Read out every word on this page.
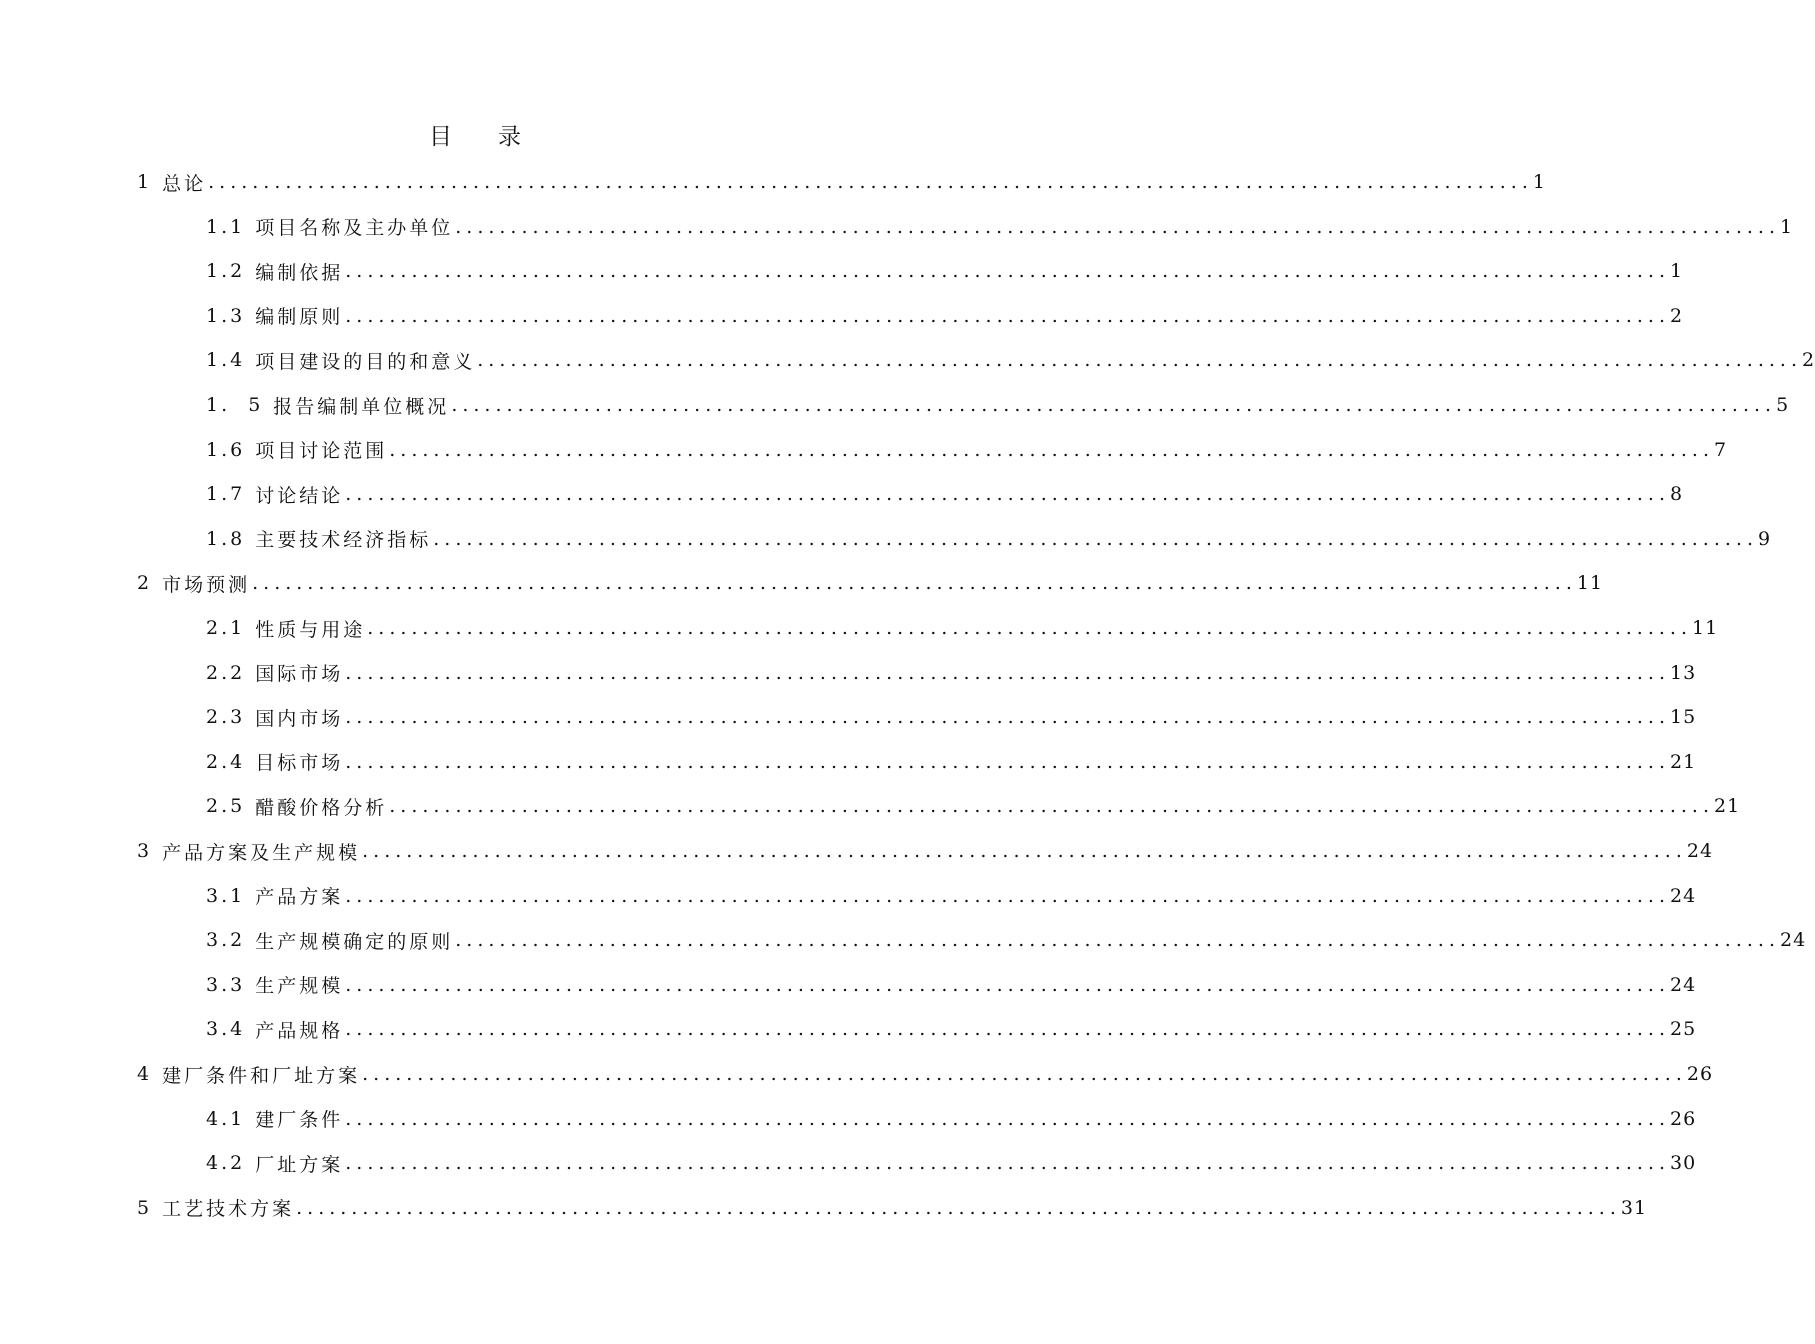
目　　录
1 总论 ........................................................................................................................ 1
1.1 项目名称及主办单位 ........................................................................................................................ 1
1.2 编制依据 ........................................................................................................................ 1
1.3 编制原则 ........................................................................................................................ 2
1.4 项目建设的目的和意义 ........................................................................................................................ 2
1.  5 报告编制单位概况 ........................................................................................................................ 5
1.6 项目讨论范围 ........................................................................................................................ 7
1.7 讨论结论 ........................................................................................................................ 8
1.8 主要技术经济指标 ........................................................................................................................ 9
2 市场预测 ........................................................................................................................ 11
2.1 性质与用途 ........................................................................................................................ 11
2.2 国际市场 ........................................................................................................................ 13
2.3 国内市场 ........................................................................................................................ 15
2.4 目标市场 ........................................................................................................................ 21
2.5 醋酸价格分析 ........................................................................................................................ 21
3 产品方案及生产规模 ........................................................................................................................ 24
3.1 产品方案 ........................................................................................................................ 24
3.2 生产规模确定的原则 ........................................................................................................................ 24
3.3 生产规模 ........................................................................................................................ 24
3.4 产品规格 ........................................................................................................................ 25
4 建厂条件和厂址方案 ........................................................................................................................ 26
4.1 建厂条件 ........................................................................................................................ 26
4.2 厂址方案 ........................................................................................................................ 30
5 工艺技术方案 ........................................................................................................................ 31
